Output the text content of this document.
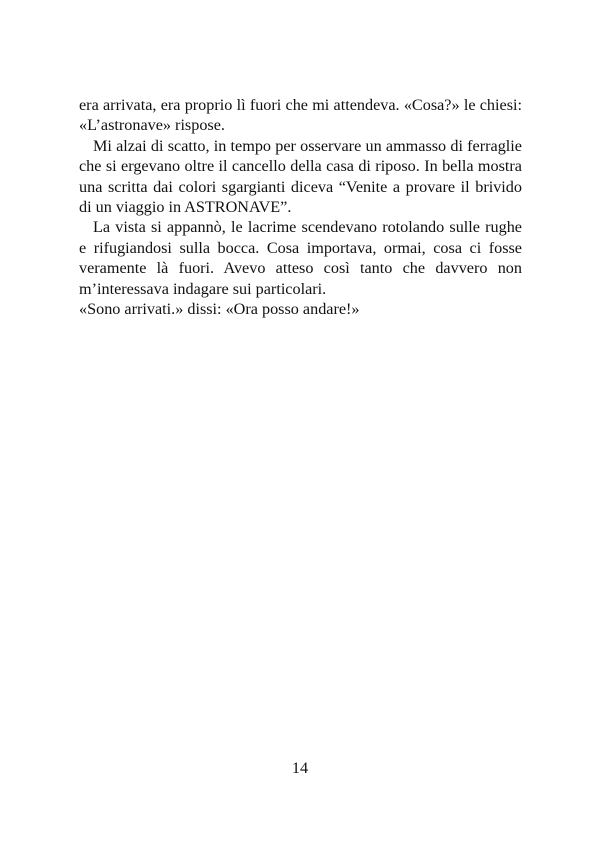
era arrivata, era proprio lì fuori che mi attendeva. «Cosa?» le chiesi: «L’astronave» rispose.

Mi alzai di scatto, in tempo per osservare un ammasso di ferraglie che si ergevano oltre il cancello della casa di riposo. In bella mostra una scritta dai colori sgargianti diceva “Venite a provare il brivido di un viaggio in ASTRONAVE”.

La vista si appannò, le lacrime scendevano rotolando sulle rughe e rifugiandosi sulla bocca. Cosa importava, ormai, cosa ci fosse veramente là fuori. Avevo atteso così tanto che davvero non m’interessava indagare sui particolari.

«Sono arrivati.» dissi: «Ora posso andare!»

14
